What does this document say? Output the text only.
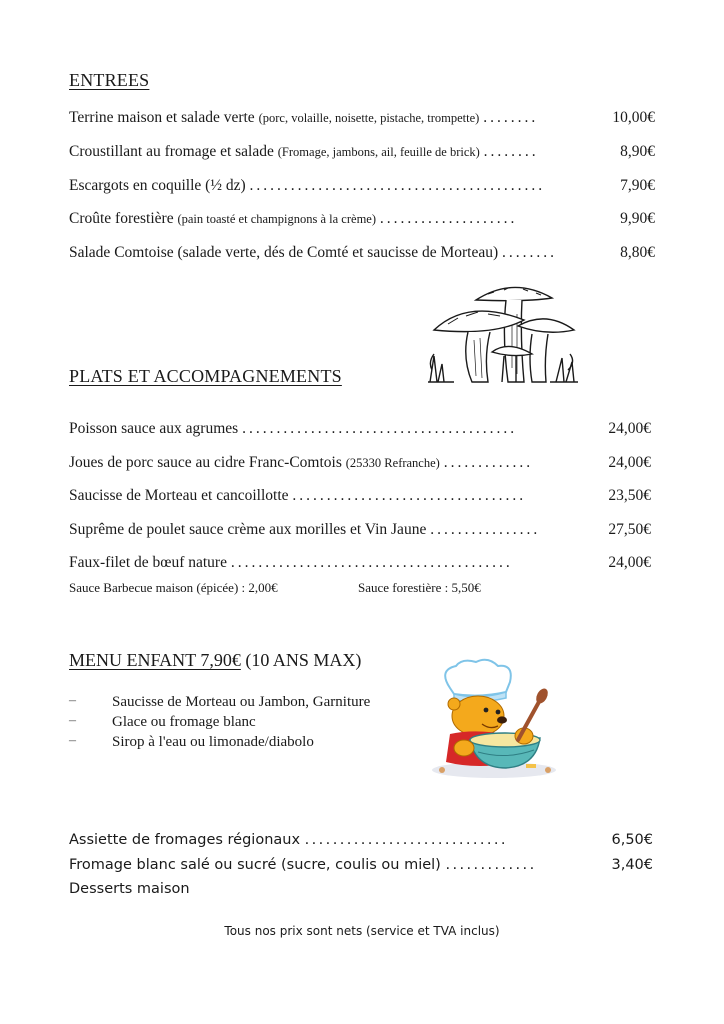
ENTREES
Terrine maison et salade verte (porc, volaille, noisette, pistache, trompette) ........	10,00€
Croustillant au fromage et salade (Fromage, jambons, ail, feuille de brick) ........	8,90€
Escargots en coquille (½ dz) ...........................................	7,90€
Croûte forestière (pain toasté et champignons à la crème) ....................	9,90€
Salade Comtoise (salade verte, dés de Comté et saucisse de Morteau) ........	8,80€
PLATS ET ACCOMPAGNEMENTS
Poisson sauce aux agrumes ........................................	24,00€
Joues de porc sauce au cidre Franc-Comtois (25330 Refranche) .............	24,00€
Saucisse de Morteau et cancoillotte ..................................	23,50€
Suprême de poulet sauce crème aux morilles et Vin Jaune ................	27,50€
Faux-filet de bœuf nature .........................................	24,00€
Sauce Barbecue maison (épicée) : 2,00€	Sauce forestière : 5,50€
MENU ENFANT 7,90€ (10 ANS MAX)
– Saucisse de Morteau ou Jambon, Garniture
– Glace ou fromage blanc
– Sirop à l'eau ou limonade/diabolo
Assiette de fromages régionaux .............................	6,50€
Fromage blanc salé ou sucré (sucre, coulis ou miel) .............	3,40€
Desserts maison
Tous nos prix sont nets (service et TVA inclus)
